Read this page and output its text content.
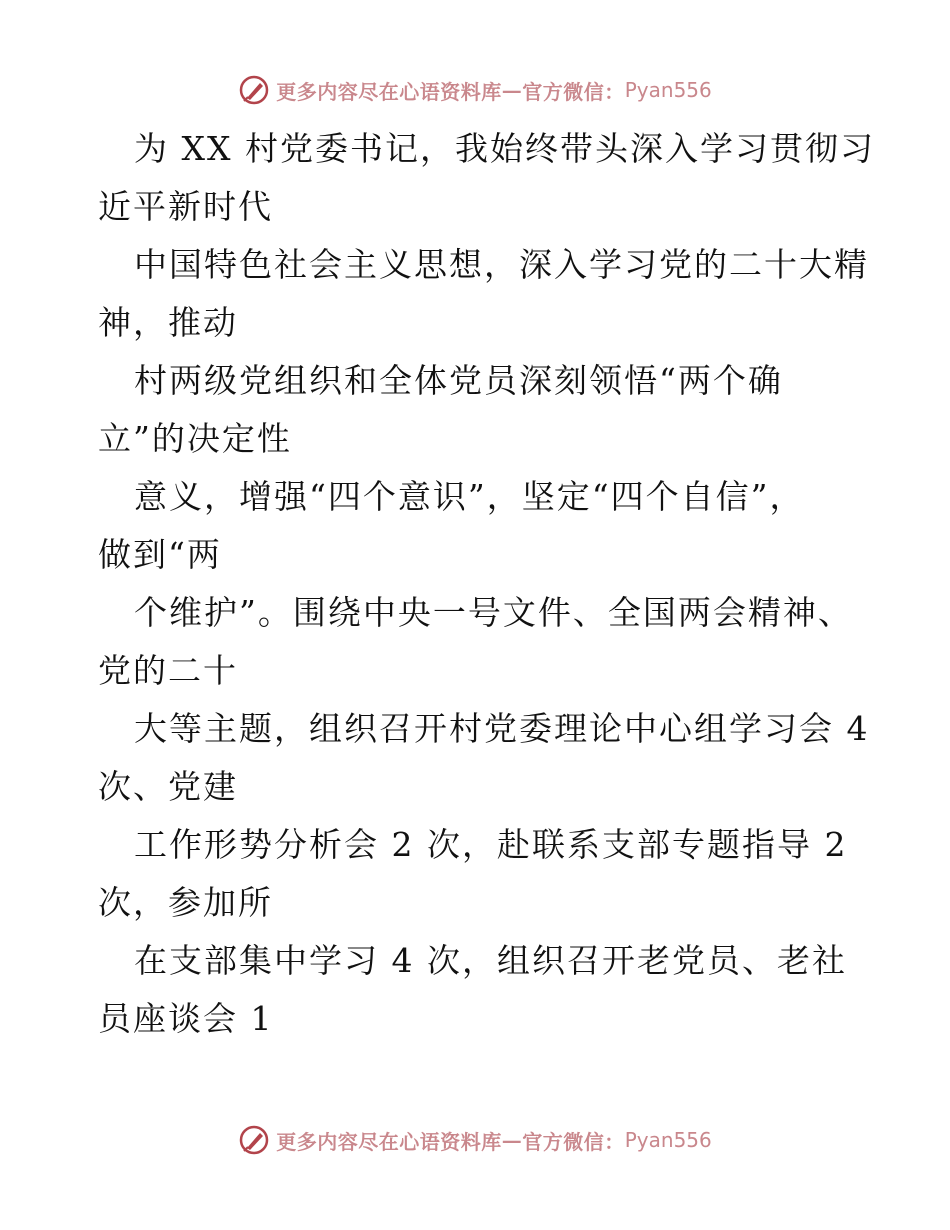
更多内容尽在心语资料库 — 官方微信： Pyan556
为 XX 村党委书记，我始终带头深入学习贯彻习
近平新时代
中国特色社会主义思想，深入学习党的二十大精
神，推动
村两级党组织和全体党员深刻领悟“两个确
立”的决定性
意义，增强“四个意识”，坚定“四个自信”，
做到“两
个维护”。围绕中央一号文件、全国两会精神、
党的二十
大等主题，组织召开村党委理论中心组学习会 4
次、党建
工作形势分析会 2 次，赴联系支部专题指导 2
次，参加所
在支部集中学习 4 次，组织召开老党员、老社
员座谈会 1
更多内容尽在心语资料库 — 官方微信： Pyan556
